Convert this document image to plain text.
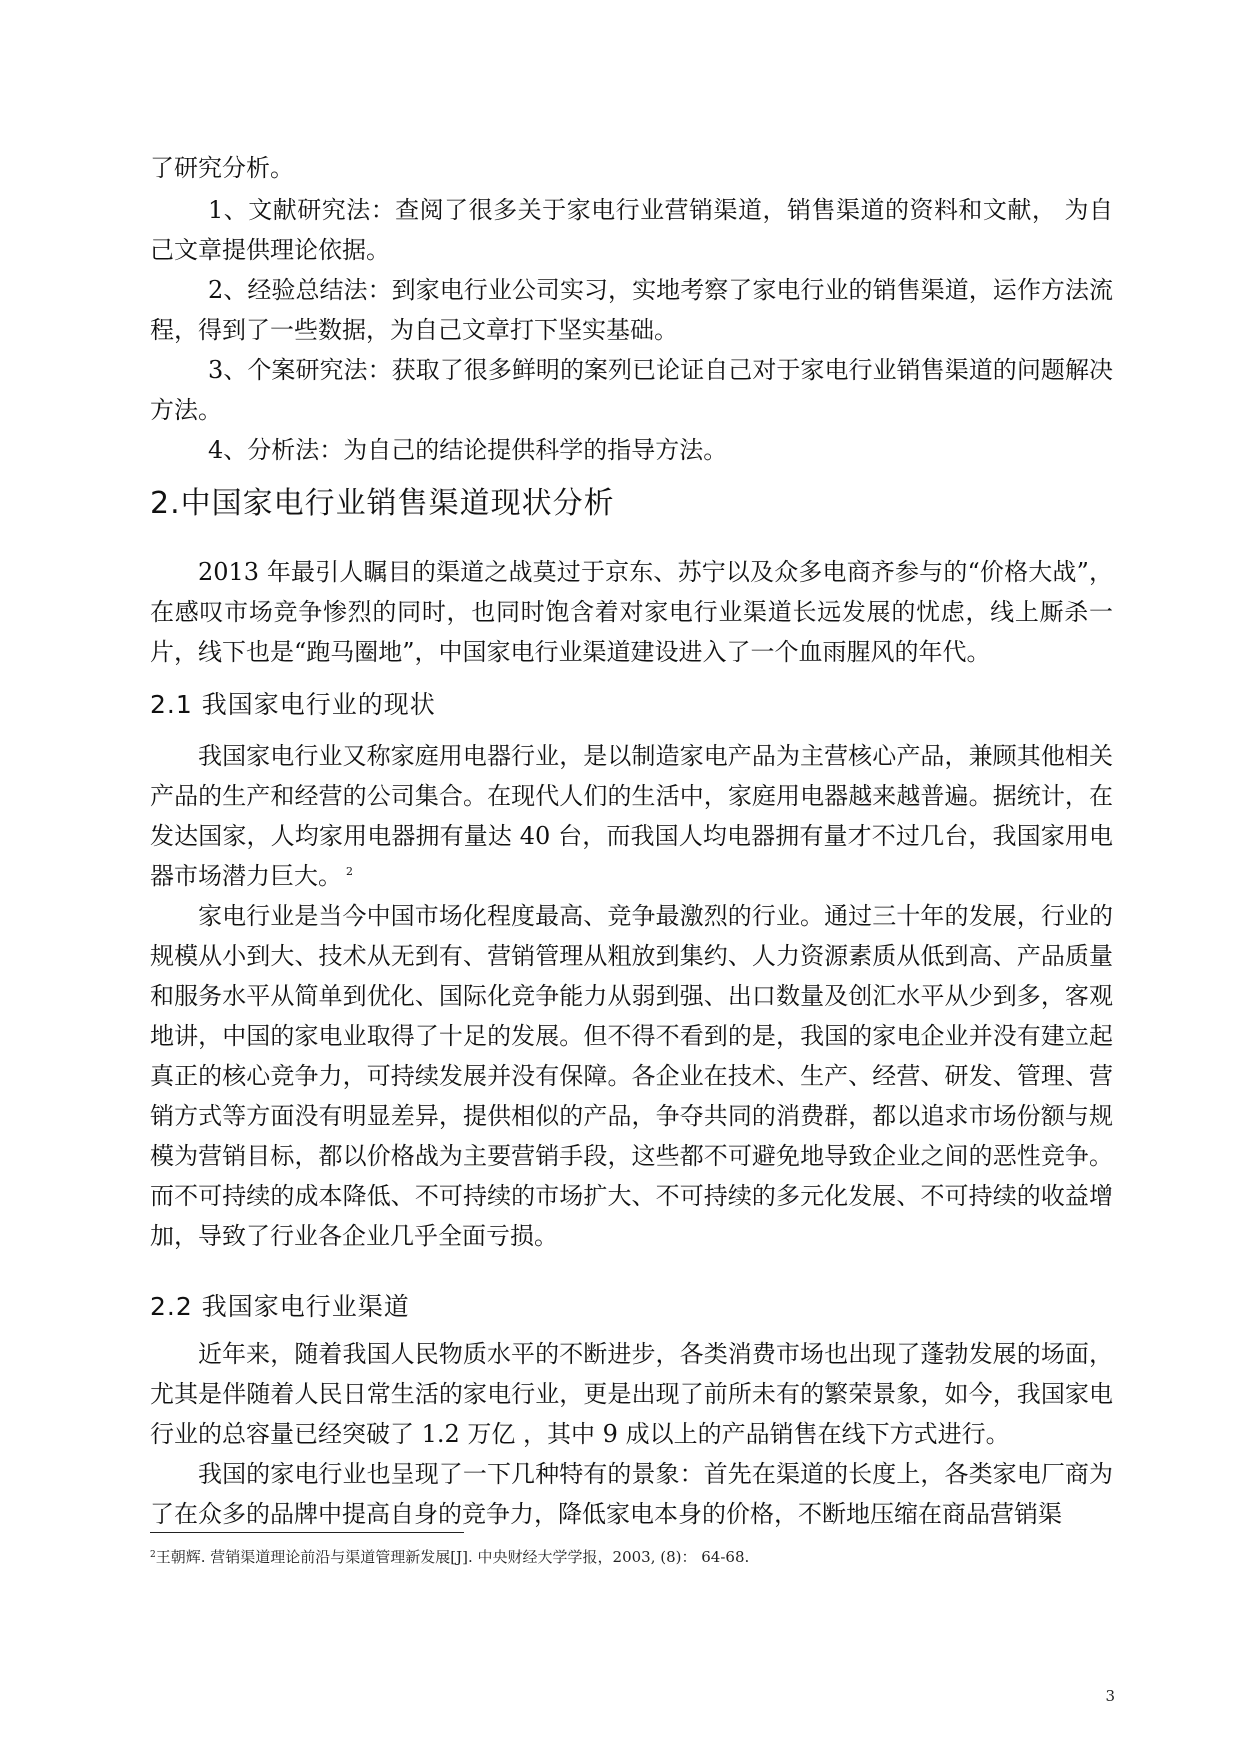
了研究分析。

1、文献研究法：查阅了很多关于家电行业营销渠道，销售渠道的资料和文献， 为自己文章提供理论依据。

2、经验总结法：到家电行业公司实习，实地考察了家电行业的销售渠道，运作方法流程，得到了一些数据，为自己文章打下坚实基础。

3、个案研究法：获取了很多鲜明的案列已论证自己对于家电行业销售渠道的问题解决方法。

4、分析法：为自己的结论提供科学的指导方法。

2.中国家电行业销售渠道现状分析

2013 年最引人瞩目的渠道之战莫过于京东、苏宁以及众多电商齐参与的“价格大战”，在感叹市场竞争惨烈的同时，也同时饱含着对家电行业渠道长远发展的忧虑，线上厮杀一片，线下也是“跑马圈地”，中国家电行业渠道建设进入了一个血雨腥风的年代。

2.1 我国家电行业的现状

我国家电行业又称家庭用电器行业，是以制造家电产品为主营核心产品，兼顾其他相关产品的生产和经营的公司集合。在现代人们的生活中，家庭用电器越来越普遍。据统计，在发达国家，人均家用电器拥有量达 40 台，而我国人均电器拥有量才不过几台，我国家用电器市场潜力巨大。 $^2$

家电行业是当今中国市场化程度最高、竞争最激烈的行业。通过三十年的发展，行业的规模从小到大、技术从无到有、营销管理从粗放到集约、人力资源素质从低到高、产品质量和服务水平从简单到优化、国际化竞争能力从弱到强、出口数量及创汇水平从少到多，客观地讲，中国的家电业取得了十足的发展。但不得不看到的是，我国的家电企业并没有建立起真正的核心竞争力，可持续发展并没有保障。各企业在技术、生产、经营、研发、管理、营销方式等方面没有明显差异，提供相似的产品，争夺共同的消费群，都以追求市场份额与规模为营销目标，都以价格战为主要营销手段，这些都不可避免地导致企业之间的恶性竞争。而不可持续的成本降低、不可持续的市场扩大、不可持续的多元化发展、不可持续的收益增加，导致了行业各企业几乎全面亏损。

2.2 我国家电行业渠道

近年来，随着我国人民物质水平的不断进步，各类消费市场也出现了蓬勃发展的场面，尤其是伴随着人民日常生活的家电行业，更是出现了前所未有的繁荣景象，如今，我国家电行业的总容量已经突破了 1.2 万亿 ，其中 9 成以上的产品销售在线下方式进行。

我国的家电行业也呈现了一下几种特有的景象：首先在渠道的长度上，各类家电厂商为了在众多的品牌中提高自身的竞争力，降低家电本身的价格，不断地压缩在商品营销渠

$^2$王朝辉. 营销渠道理论前沿与渠道管理新发展[J]. 中央财经大学学报，2003, (8)： 64-68.
3
